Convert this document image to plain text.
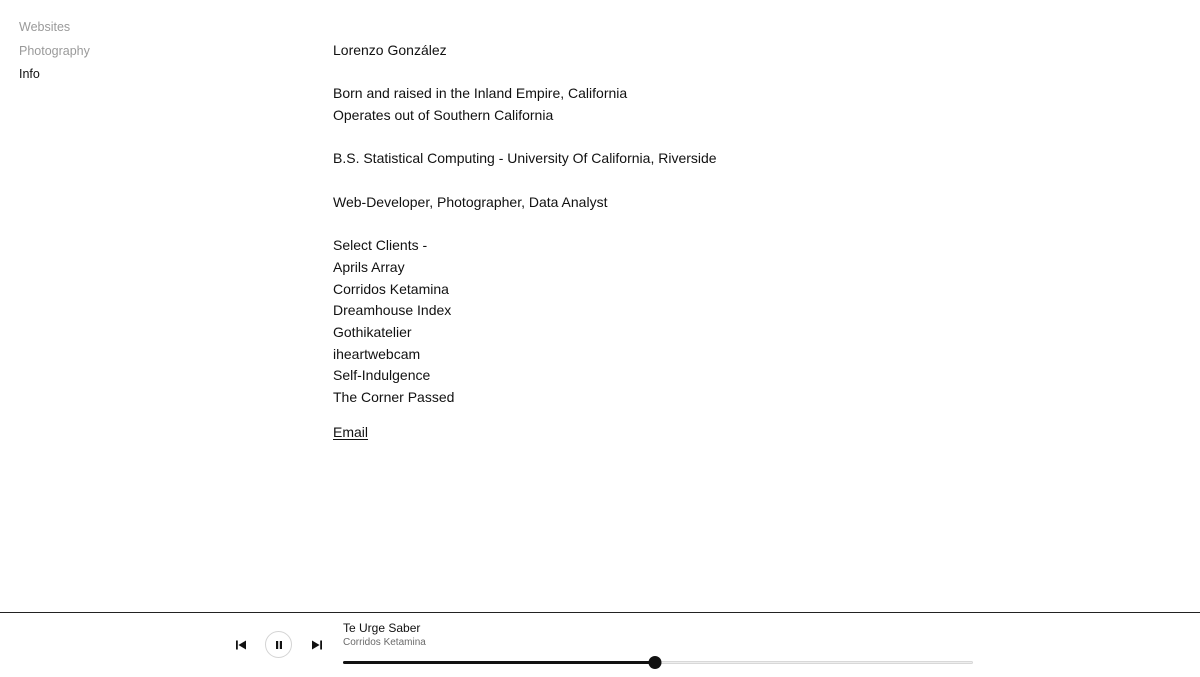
Websites
Photography
Info
Lorenzo González
Born and raised in the Inland Empire, California
Operates out of Southern California
B.S. Statistical Computing - University Of California, Riverside
Web-Developer, Photographer, Data Analyst
Select Clients -
Aprils Array
Corridos Ketamina
Dreamhouse Index
Gothikatelier
iheartwebcam
Self-Indulgence
The Corner Passed
Email
Te Urge Saber
Corridos Ketamina
